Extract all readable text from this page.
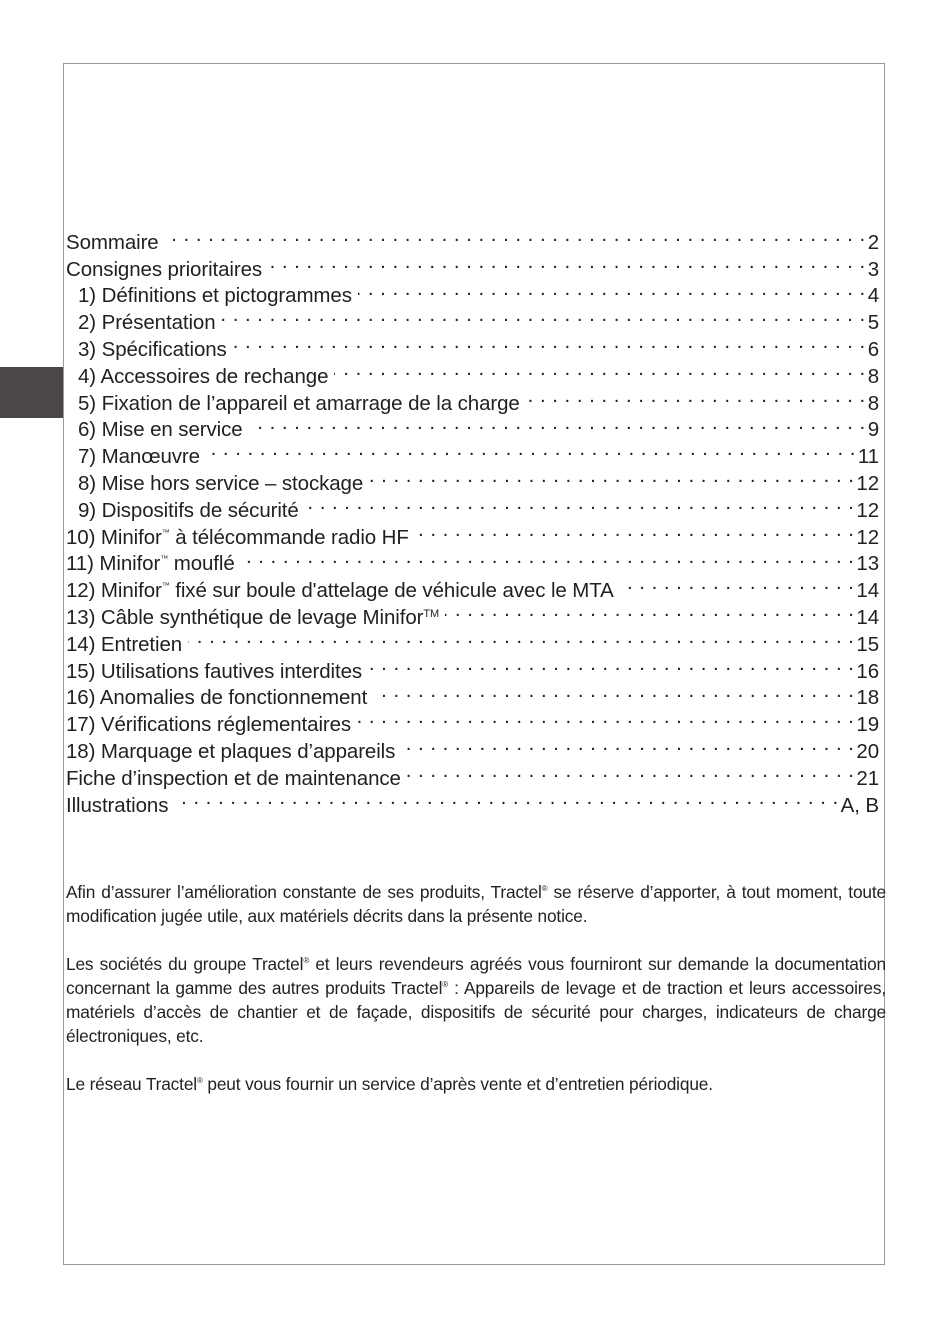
Sommaire . . .	2
Consignes prioritaires . . .	3
1) Définitions et pictogrammes . . .	4
2) Présentation . . .	5
3) Spécifications . . .	6
4) Accessoires de rechange . . .	8
5) Fixation de l’appareil et amarrage de la charge . . .	8
6) Mise en service . . .	9
7) Manœuvre . . .	11
8) Mise hors service – stockage . . .	12
9) Dispositifs de sécurité . . .	12
10) Minifor™ à télécommande radio HF . . .	12
11) Minifor™ mouflé . . .	13
12) Minifor™ fixé sur boule d'attelage de véhicule avec le MTA . . .	14
13) Câble synthétique de levage Minifor™ . . .	14
14) Entretien . . .	15
15) Utilisations fautives interdites . . .	16
16) Anomalies de fonctionnement . . .	18
17) Vérifications réglementaires . . .	19
18) Marquage et plaques d’appareils . . .	20
Fiche d’inspection et de maintenance . . .	21
Illustrations . . .	A, B

Afin d’assurer l’amélioration constante de ses produits, Tractel® se réserve d’apporter, à tout moment, toute modification jugée utile, aux matériels décrits dans la présente notice.

Les sociétés du groupe Tractel® et leurs revendeurs agréés vous fourniront sur demande la documentation concernant la gamme des autres produits Tractel® : Appareils de levage et de traction et leurs accessoires, matériels d’accès de chantier et de façade, dispositifs de sécurité pour charges, indicateurs de charge électroniques, etc.

Le réseau Tractel® peut vous fournir un service d’après vente et d’entretien périodique.
